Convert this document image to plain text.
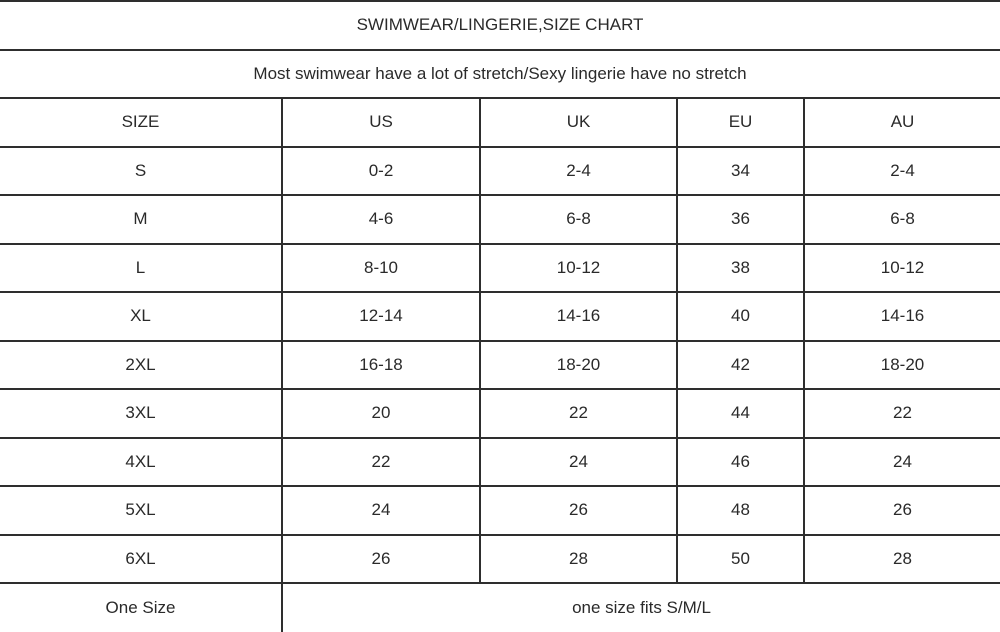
SWIMWEAR/LINGERIE,SIZE CHART				
Most swimwear have a lot of stretch/Sexy lingerie have no stretch				
SIZE	US	UK	EU	AU
S	0-2	2-4	34	2-4
M	4-6	6-8	36	6-8
L	8-10	10-12	38	10-12
XL	12-14	14-16	40	14-16
2XL	16-18	18-20	42	18-20
3XL	20	22	44	22
4XL	22	24	46	24
5XL	24	26	48	26
6XL	26	28	50	28
One Size	one size fits S/M/L			
